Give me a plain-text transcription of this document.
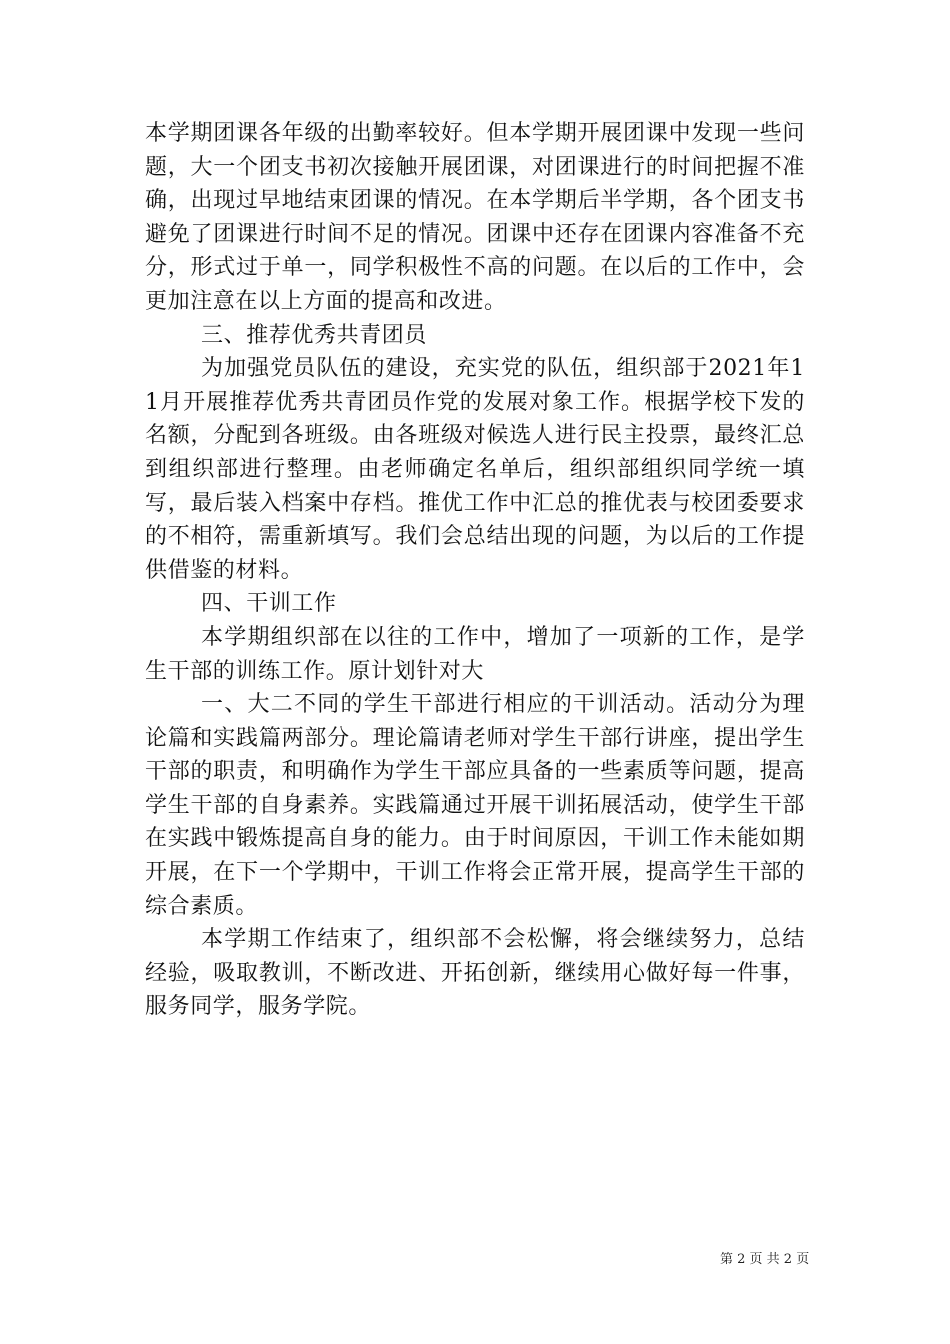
本学期团课各年级的出勤率较好。但本学期开展团课中发现一些问题，大一个团支书初次接触开展团课，对团课进行的时间把握不准确，出现过早地结束团课的情况。在本学期后半学期，各个团支书避免了团课进行时间不足的情况。团课中还存在团课内容准备不充分，形式过于单一，同学积极性不高的问题。在以后的工作中，会更加注意在以上方面的提高和改进。

三、推荐优秀共青团员

为加强党员队伍的建设，充实党的队伍，组织部于2021年11月开展推荐优秀共青团员作党的发展对象工作。根据学校下发的名额，分配到各班级。由各班级对候选人进行民主投票，最终汇总到组织部进行整理。由老师确定名单后，组织部组织同学统一填写，最后装入档案中存档。推优工作中汇总的推优表与校团委要求的不相符，需重新填写。我们会总结出现的问题，为以后的工作提供借鉴的材料。

四、干训工作

本学期组织部在以往的工作中，增加了一项新的工作，是学生干部的训练工作。原计划针对大

一、大二不同的学生干部进行相应的干训活动。活动分为理论篇和实践篇两部分。理论篇请老师对学生干部行讲座，提出学生干部的职责，和明确作为学生干部应具备的一些素质等问题，提高学生干部的自身素养。实践篇通过开展干训拓展活动，使学生干部在实践中锻炼提高自身的能力。由于时间原因，干训工作未能如期开展，在下一个学期中，干训工作将会正常开展，提高学生干部的综合素质。

本学期工作结束了，组织部不会松懈，将会继续努力，总结经验，吸取教训，不断改进、开拓创新，继续用心做好每一件事，服务同学，服务学院。

第 2 页 共 2 页
